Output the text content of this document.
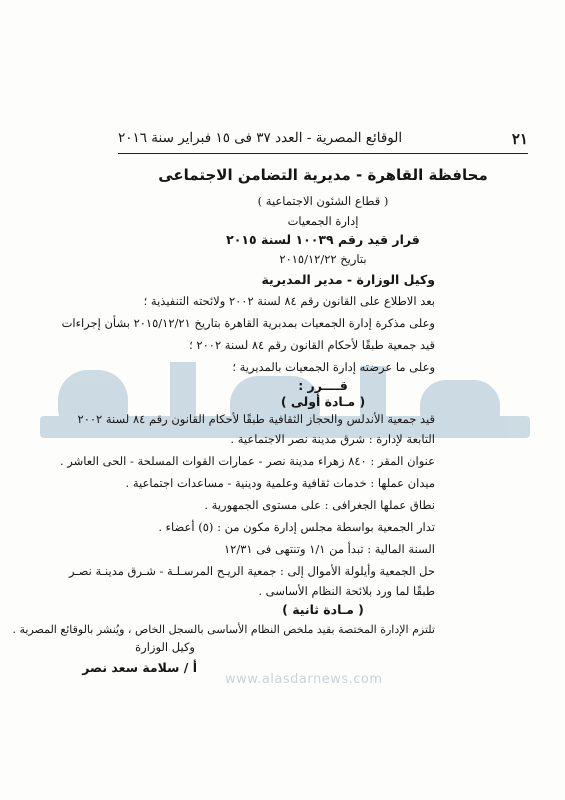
www.alasdarnews.com
٢١
الوقائع المصرية - العدد ٣٧ فى ١٥ فبراير سنة ٢٠١٦
محافظة القاهرة - مديرية التضامن الاجتماعى
( قطاع الشئون الاجتماعية )
إدارة الجمعيات
قرار قيد رقم ١٠٠٣٩ لسنة ٢٠١٥
بتاريخ ٢٠١٥/١٢/٢٢
وكيل الوزارة - مدير المديرية
بعد الاطلاع على القانون رقم ٨٤ لسنة ٢٠٠٢ ولائحته التنفيذية ؛
وعلى مذكرة إدارة الجمعيات بمدبرية القاهرة بتاريخ ٢٠١٥/١٢/٢١ بشأن إجراءات
قيد جمعية طبقًا لأحكام القانون رقم ٨٤ لسنة ٢٠٠٢ ؛
وعلى ما عرضته إدارة الجمعيات بالمديرية ؛
قــــرر :
( مـادة أولى )
قيد جمعية الأندلس والحجاز الثقافية طبقًا لأحكام القانون رقم ٨٤ لسنة ٢٠٠٢
التابعة لإدارة : شرق مدينة نصر الاجتماعية .
عنوان المقر : ٨٤٠ زهراء مدينة نصر - عمارات القوات المسلحة - الحى العاشر .
ميدان عملها : خدمات ثقافية وعلمية ودينية - مساعدات اجتماعية .
نطاق عملها الجغرافى : على مستوى الجمهورية .
تدار الجمعية بواسطة مجلس إدارة مكون من : (٥) أعضاء .
السنة المالية : تبدأ من ١/١ وتنتهى فى ١٢/٣١
حل الجمعية وأيلولة الأموال إلى : جمعية الريـح المرسـلـة - شـرق مدينـة نصـر
طبقًا لما ورد بلائحة النظام الأساسى .
( مـادة ثانية )
تلتزم الإدارة المختصة بقيد ملخص النظام الأساسى بالسجل الخاص ، ويُنشر بالوقائع المصرية .
وكيل الوزارة
أ / سلامة سعد نصر
